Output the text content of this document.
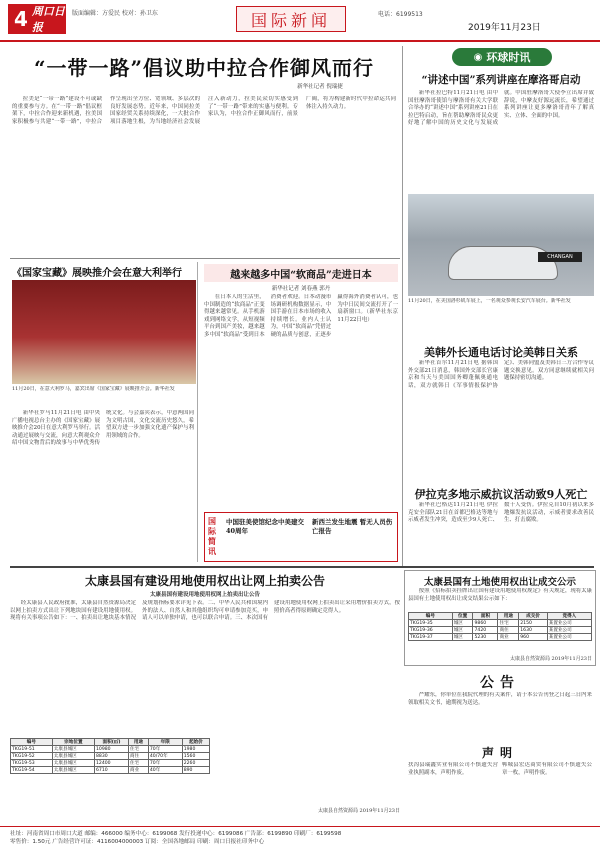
4 周口日报
版面编辑：方爱民 校对：孙卫东	国际新闻	电话：6199513
2019年11月23日
“一带一路”倡议助中拉合作御风而行
新华社记者 倪瑞捷
拉美是“一带一路”建设不可或缺的重要参与方。在“一带一路”倡议框架下，中拉合作迎来新机遇，拉美国家积极参与共建“一带一路”，中拉合作呈现出全方位、宽领域、多层次的良好发展态势。近年来，中国同拉美国家经贸关系持续深化，一大批合作项目落地生根，为当地经济社会发展注入新动力，拉美民众切实感受到了“一带一路”带来的实惠与便利。专家认为，中拉合作正御风而行，前景广阔，将为构建新时代中拉命运共同体注入持久动力。
◉ 环球时讯
“讲述中国”系列讲座在摩洛哥启动
新华社拉巴特11月21日电 由中国驻摩洛哥使馆与摩洛哥有关大学联合举办的“讲述中国”系列讲座21日在拉巴特启动，旨在帮助摩洛哥民众更好地了解中国的历史文化与发展成就。中国驻摩洛哥大使李立出席并致辞说，中摩友好源远流长，希望通过系列讲座让更多摩洛哥青年了解真实、立体、全面的中国。
CHANGAN
11月20日，在美国洛杉矶车展上，一名观众参观长安汽车展台。新华社发
《国家宝藏》展映推介会在意大利举行
11月20日，在意大利罗马，嘉宾出席《国家宝藏》展映推介会。新华社发
新华社罗马11月21日电 由中央广播电视总台主办的《国家宝藏》展映推介会20日在意大利罗马举行。活动通过展映与交流，向意大利观众介绍中国文物背后的故事与中华优秀传统文化。与会嘉宾表示，中意两国同为文明古国，文化交流历史悠久，希望双方进一步加强文化遗产保护与利用领域的合作。
越来越多中国“软商品”走进日本
新华社记者 刘春燕 郭丹
在日本人的生活里，中国制造的“软商品”正变得越来越常见。从手机游戏到网络文学，从短视频平台到国产美妆，越来越多中国“软商品”受到日本消费者欢迎。日本动漫市场调研机构数据显示，中国手游在日本市场的收入持续增长。业内人士认为，中国“软商品”凭借过硬的品质与创意，正逐步赢得海外消费者认可，也为中日民间交流打开了一扇新窗口。（新华社东京11月22日电）
国际简讯
中国驻美使馆纪念中美建交40周年
新西兰发生地震 暂无人员伤亡报告
美韩外长通电话讨论美韩日关系
新华社首尔11月21日电 据韩国外交部21日消息，韩国外交部长官康京和当天与美国国务卿蓬佩奥通电话，双方就韩日《军事情报保护协定》、美韩同盟及美韩日三方合作等议题交换意见。双方同意继续就相关问题保持密切沟通。
伊拉克多地示威抗议活动致9人死亡
新华社巴格达11月21日电 伊拉克安全部队21日在首都巴格达等地与示威者发生冲突，造成至少9人死亡、数十人受伤。伊拉克自10月初以来多地爆发抗议活动，示威者要求改善民生、打击腐败。
太康县国有建设用地使用权出让网上拍卖公告
太康县国有建设用地使用权网上拍卖出让公告
经太康县人民政府批准，太康县自然资源局决定以网上拍卖方式出让下列地块国有建设用地使用权。现将有关事项公告如下：一、拍卖出让地块基本情况及规划指标要求详见下表。二、中华人民共和国境内外的法人、自然人和其他组织均可申请参加竞买，申请人可以单独申请，也可以联合申请。三、本次国有建设用地使用权网上拍卖出让采用增价拍卖方式，按照价高者得原则确定竞得人。
编号	宗地位置	面积(㎡)	用途	年限	起始价
TKG19-51	太康县城区	10980	住宅	70年	1980
TKG19-52	太康县城区	8830	商住	40/70年	1560
TKG19-53	太康县城区	12400	住宅	70年	2260
TKG19-54	太康县城区	6710	商业	40年	890
太康县自然资源局 2019年11月23日
太康县国有土地使用权出让成交公示
按照《招标拍卖挂牌出让国有建设用地使用权规定》有关规定，现将太康县国有土地使用权出让成交结果公示如下：
编号	位置	面积	用途	成交价	竞得人
TKG19-35	城区	9860	住宅	2150	某置业公司
TKG19-36	城区	7420	商住	1630	某置业公司
TKG19-37	城区	5230	商业	960	某置业公司
太康县自然资源局 2019年11月23日
公告
严耀东，你单位在我院代理的有关案件，请于本公告刊登之日起三日内来领取相关文书，逾期视为送达。
声明
扶沟县瑞鑫实业有限公司不慎遗失营业执照副本，声明作废。
郸城县宏达商贸有限公司不慎遗失公章一枚，声明作废。
社址：河南省周口市周口大道 邮编：466000 编务中心：6199068 发行投递中心：6199086 广告部：6199890 印刷厂：6199598
零售价：1.50元 广告经营许可证：4116004000003 订阅：全国各地邮局 印刷：周口日报社印务中心
